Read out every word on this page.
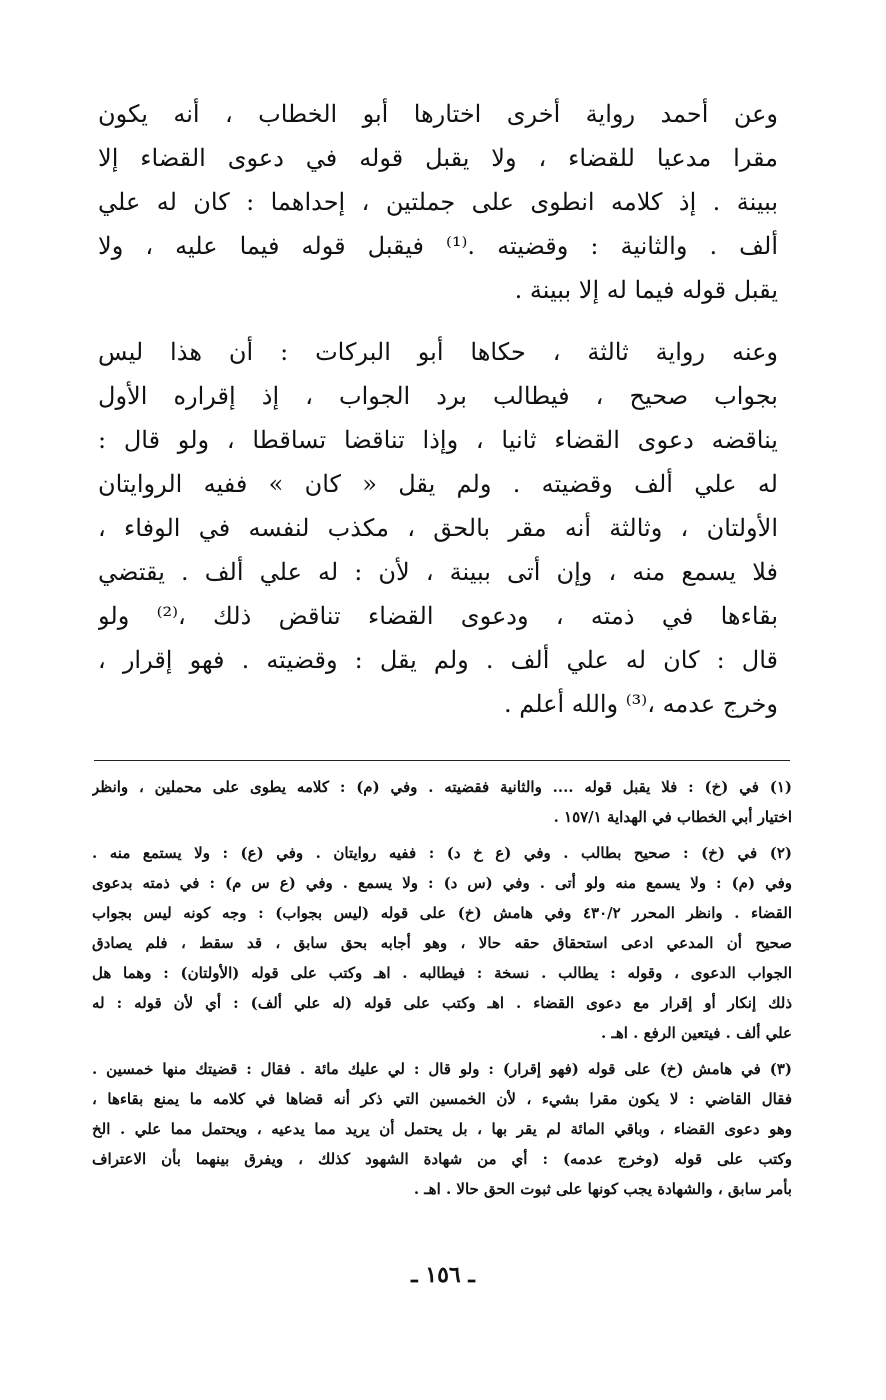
وعن أحمد رواية أخرى اختارها أبو الخطاب ، أنه يكون
مقرا مدعيا للقضاء ، ولا يقبل قوله في دعوى القضاء إلا
ببينة . إذ كلامه انطوى على جملتين ، إحداهما : كان له علي
ألف . والثانية : وقضيته .⁽¹⁾ فيقبل قوله فيما عليه ، ولا
يقبل قوله فيما له إلا ببينة .
وعنه رواية ثالثة ، حكاها أبو البركات : أن هذا ليس
بجواب صحيح ، فيطالب برد الجواب ، إذ إقراره الأول
يناقضه دعوى القضاء ثانيا ، وإذا تناقضا تساقطا ، ولو قال :
له علي ألف وقضيته . ولم يقل « كان » ففيه الروايتان
الأولتان ، وثالثة أنه مقر بالحق ، مكذب لنفسه في الوفاء ،
فلا يسمع منه ، وإن أتى ببينة ، لأن : له علي ألف . يقتضي
بقاءها في ذمته ، ودعوى القضاء تناقض ذلك ،⁽²⁾ ولو
قال : كان له علي ألف . ولم يقل : وقضيته . فهو إقرار ،
وخرج عدمه ،⁽³⁾ والله أعلم .
(١) في (خ) : فلا يقبل قوله .... والثانية فقضيته . وفي (م) : كلامه يطوى على محملين ، وانظر
اختيار أبي الخطاب في الهداية ١٥٧/١ .
(٢) في (خ) : صحيح بطالب . وفي (ع خ د) : ففيه روايتان . وفي (ع) : ولا يستمع منه .
وفي (م) : ولا يسمع منه ولو أتى . وفي (س د) : ولا يسمع . وفي (ع س م) : في ذمته بدعوى
القضاء . وانظر المحرر ٤٣٠/٢ وفي هامش (خ) على قوله (ليس بجواب) : وجه كونه ليس بجواب
صحيح أن المدعي ادعى استحقاق حقه حالا ، وهو أجابه بحق سابق ، قد سقط ، فلم يصادق
الجواب الدعوى ، وقوله : يطالب . نسخة : فيطالبه . اهـ وكتب على قوله (الأولتان) : وهما هل
ذلك إنكار أو إقرار مع دعوى القضاء . اهـ وكتب على قوله (له علي ألف) : أي لأن قوله : له
علي ألف . فيتعين الرفع . اهـ .
(٣) في هامش (خ) على قوله (فهو إقرار) : ولو قال : لي عليك مائة . فقال : قضيتك منها خمسين .
فقال القاضي : لا يكون مقرا بشيء ، لأن الخمسين التي ذكر أنه قضاها في كلامه ما يمنع بقاءها ،
وهو دعوى القضاء ، وباقي المائة لم يقر بها ، بل يحتمل أن يريد مما يدعيه ، ويحتمل مما علي . الخ
وكتب على قوله (وخرج عدمه) : أي من شهادة الشهود كذلك ، ويفرق بينهما بأن الاعتراف
بأمر سابق ، والشهادة يجب كونها على ثبوت الحق حالا . اهـ .
ـ ١٥٦ ـ
